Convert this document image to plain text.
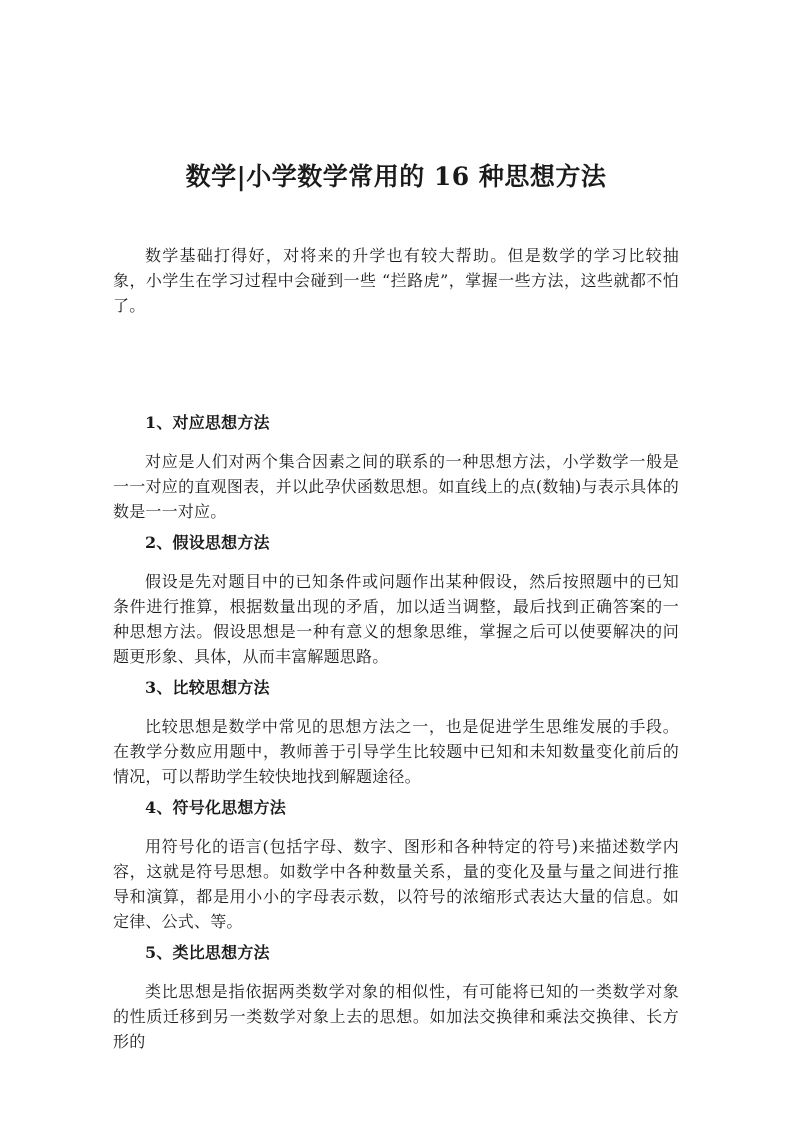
数学|小学数学常用的 16 种思想方法

数学基础打得好，对将来的升学也有较大帮助。但是数学的学习比较抽象，小学生在学习过程中会碰到一些 “拦路虎”，掌握一些方法，这些就都不怕了。

1、对应思想方法

对应是人们对两个集合因素之间的联系的一种思想方法，小学数学一般是一一对应的直观图表，并以此孕伏函数思想。如直线上的点(数轴)与表示具体的数是一一对应。

2、假设思想方法

假设是先对题目中的已知条件或问题作出某种假设，然后按照题中的已知条件进行推算，根据数量出现的矛盾，加以适当调整，最后找到正确答案的一种思想方法。假设思想是一种有意义的想象思维，掌握之后可以使要解决的问题更形象、具体，从而丰富解题思路。

3、比较思想方法

比较思想是数学中常见的思想方法之一，也是促进学生思维发展的手段。在教学分数应用题中，教师善于引导学生比较题中已知和未知数量变化前后的情况，可以帮助学生较快地找到解题途径。

4、符号化思想方法

用符号化的语言(包括字母、数字、图形和各种特定的符号)来描述数学内容，这就是符号思想。如数学中各种数量关系，量的变化及量与量之间进行推导和演算，都是用小小的字母表示数，以符号的浓缩形式表达大量的信息。如定律、公式、等。

5、类比思想方法

类比思想是指依据两类数学对象的相似性，有可能将已知的一类数学对象的性质迁移到另一类数学对象上去的思想。如加法交换律和乘法交换律、长方形的
